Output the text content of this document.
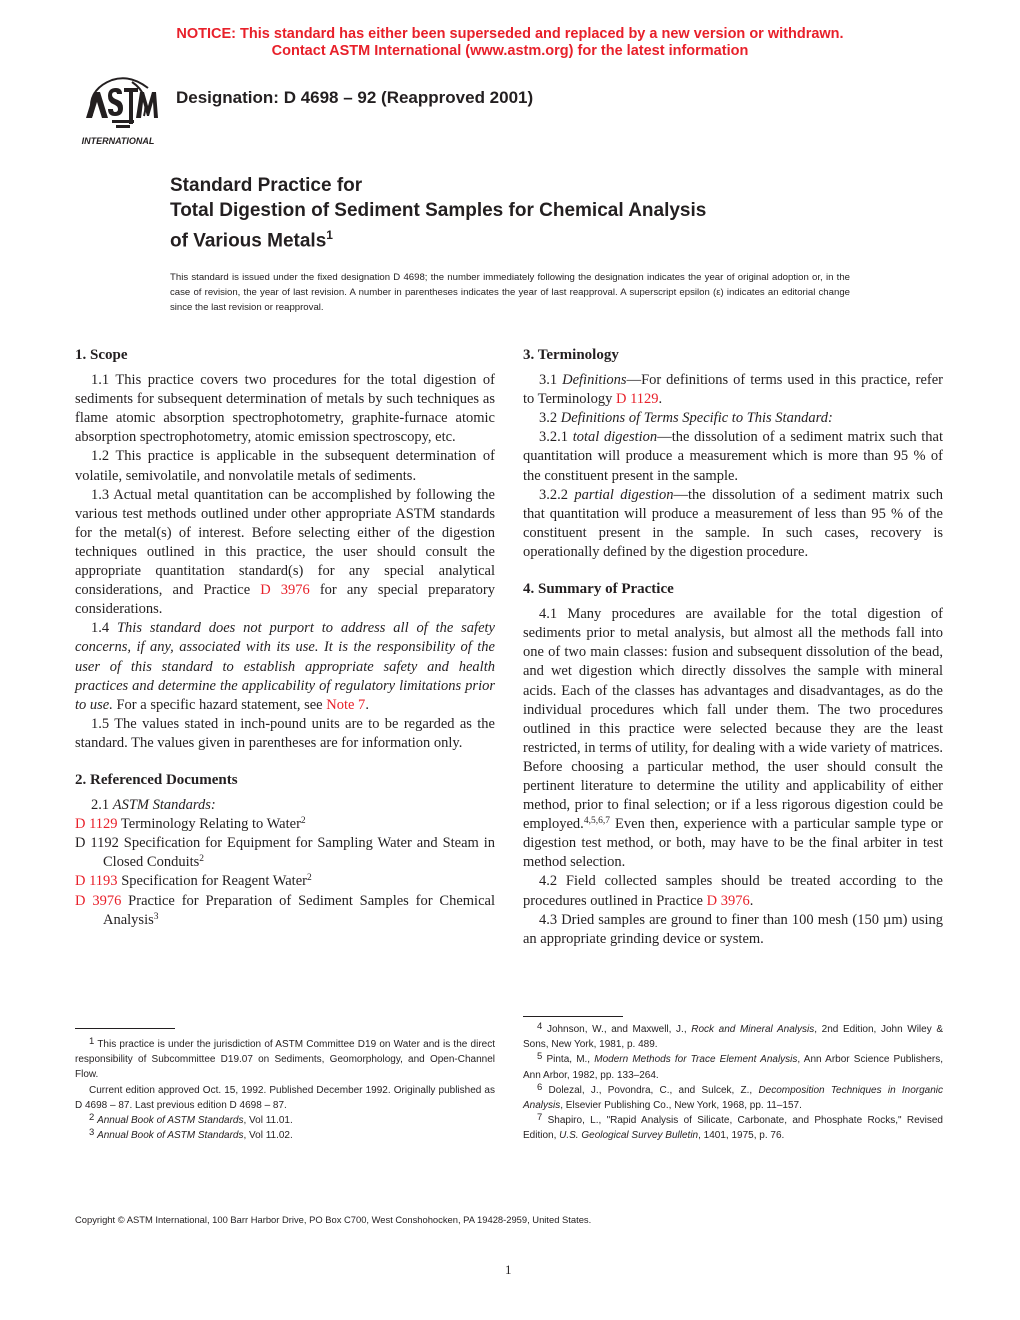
NOTICE: This standard has either been superseded and replaced by a new version or withdrawn.
Contact ASTM International (www.astm.org) for the latest information
INTERNATIONAL
Designation: D 4698 – 92 (Reapproved 2001)
Standard Practice for
Total Digestion of Sediment Samples for Chemical Analysis
of Various Metals$^1$
This standard is issued under the fixed designation D 4698; the number immediately following the designation indicates the year of original adoption or, in the case of revision, the year of last revision. A number in parentheses indicates the year of last reapproval. A superscript epsilon (ε) indicates an editorial change since the last revision or reapproval.
1. Scope

1.1 This practice covers two procedures for the total digestion of sediments for subsequent determination of metals by such techniques as flame atomic absorption spectrophotometry, graphite-furnace atomic absorption spectrophotometry, atomic emission spectroscopy, etc.

1.2 This practice is applicable in the subsequent determination of volatile, semivolatile, and nonvolatile metals of sediments.

1.3 Actual metal quantitation can be accomplished by following the various test methods outlined under other appropriate ASTM standards for the metal(s) of interest. Before selecting either of the digestion techniques outlined in this practice, the user should consult the appropriate quantitation standard(s) for any special analytical considerations, and Practice D 3976 for any special preparatory considerations.

1.4 This standard does not purport to address all of the safety concerns, if any, associated with its use. It is the responsibility of the user of this standard to establish appropriate safety and health practices and determine the applicability of regulatory limitations prior to use. For a specific hazard statement, see Note 7.

1.5 The values stated in inch-pound units are to be regarded as the standard. The values given in parentheses are for information only.

2. Referenced Documents

2.1 ASTM Standards:

D 1129 Terminology Relating to Water$^2$

D 1192 Specification for Equipment for Sampling Water and Steam in Closed Conduits$^2$

D 1193 Specification for Reagent Water$^2$

D 3976 Practice for Preparation of Sediment Samples for Chemical Analysis$^3$

3. Terminology

3.1 Definitions—For definitions of terms used in this practice, refer to Terminology D 1129.

3.2 Definitions of Terms Specific to This Standard:

3.2.1 total digestion—the dissolution of a sediment matrix such that quantitation will produce a measurement which is more than 95 % of the constituent present in the sample.

3.2.2 partial digestion—the dissolution of a sediment matrix such that quantitation will produce a measurement of less than 95 % of the constituent present in the sample. In such cases, recovery is operationally defined by the digestion procedure.

4. Summary of Practice

4.1 Many procedures are available for the total digestion of sediments prior to metal analysis, but almost all the methods fall into one of two main classes: fusion and subsequent dissolution of the bead, and wet digestion which directly dissolves the sample with mineral acids. Each of the classes has advantages and disadvantages, as do the individual procedures which fall under them. The two procedures outlined in this practice were selected because they are the least restricted, in terms of utility, for dealing with a wide variety of matrices. Before choosing a particular method, the user should consult the pertinent literature to determine the utility and applicability of either method, prior to final selection; or if a less rigorous digestion could be employed.$^{4,5,6,7}$ Even then, experience with a particular sample type or digestion test method, or both, may have to be the final arbiter in test method selection.

4.2 Field collected samples should be treated according to the procedures outlined in Practice D 3976.

4.3 Dried samples are ground to finer than 100 mesh (150 µm) using an appropriate grinding device or system.

$^1$ This practice is under the jurisdiction of ASTM Committee D19 on Water and is the direct responsibility of Subcommittee D19.07 on Sediments, Geomorphology, and Open-Channel Flow.

Current edition approved Oct. 15, 1992. Published December 1992. Originally published as D 4698 – 87. Last previous edition D 4698 – 87.

$^2$ Annual Book of ASTM Standards, Vol 11.01.

$^3$ Annual Book of ASTM Standards, Vol 11.02.

$^4$ Johnson, W., and Maxwell, J., Rock and Mineral Analysis, 2nd Edition, John Wiley & Sons, New York, 1981, p. 489.

$^5$ Pinta, M., Modern Methods for Trace Element Analysis, Ann Arbor Science Publishers, Ann Arbor, 1982, pp. 133–264.

$^6$ Dolezal, J., Povondra, C., and Sulcek, Z., Decomposition Techniques in Inorganic Analysis, Elsevier Publishing Co., New York, 1968, pp. 11–157.

$^7$ Shapiro, L., "Rapid Analysis of Silicate, Carbonate, and Phosphate Rocks," Revised Edition, U.S. Geological Survey Bulletin, 1401, 1975, p. 76.

Copyright © ASTM International, 100 Barr Harbor Drive, PO Box C700, West Conshohocken, PA 19428-2959, United States.
1
